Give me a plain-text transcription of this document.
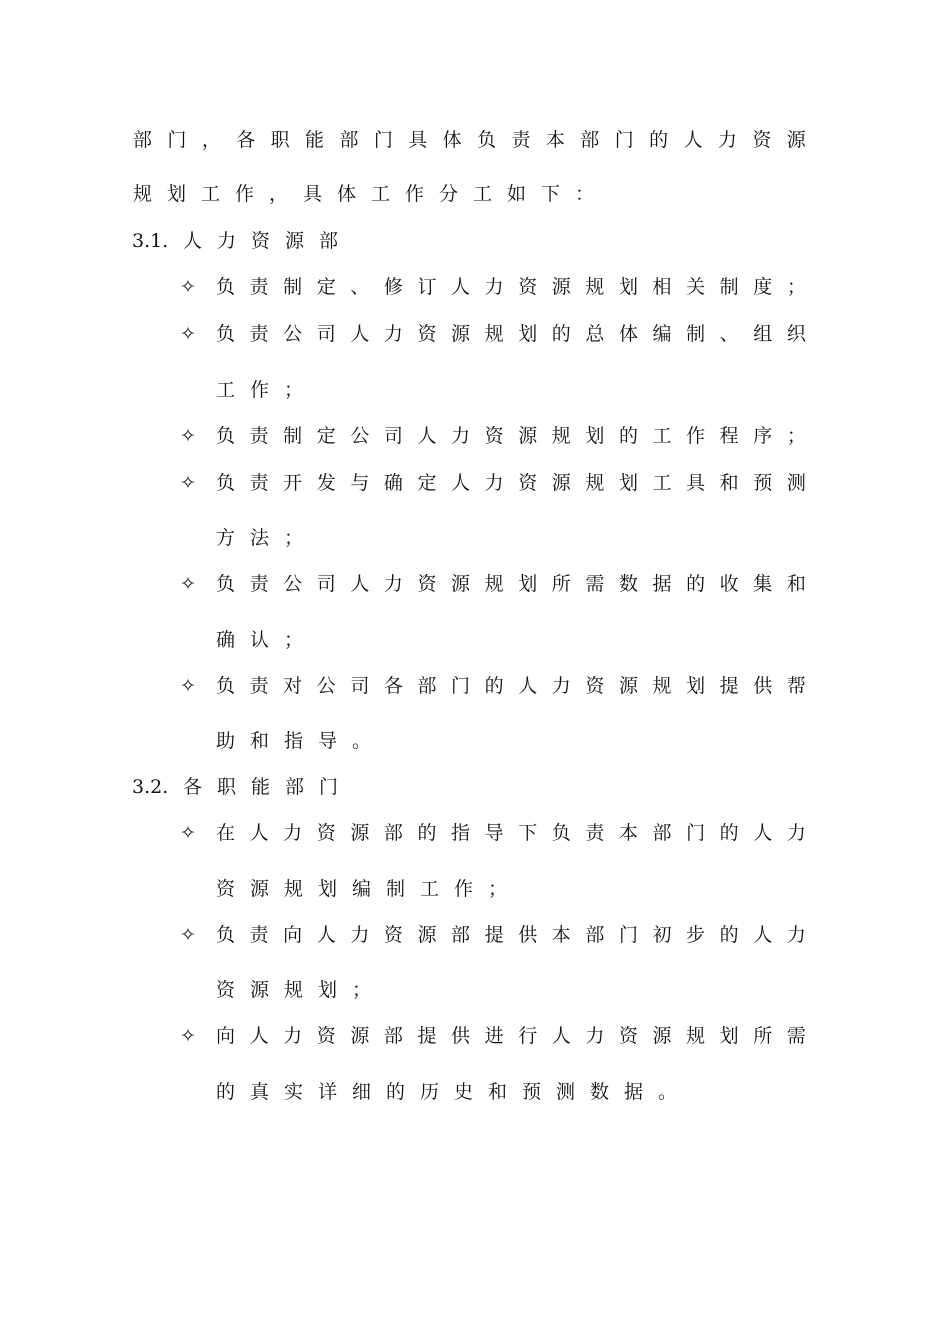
部 门 ， 各 职 能 部 门 具 体 负 责 本 部 门 的 人 力 资 源
规划工作，具体工作分工如下：
3.1. 人力资源部
✧ 负 责 制 定 、 修 订 人 力 资 源 规 划 相 关 制 度 ；
✧ 负 责 公 司 人 力 资 源 规 划 的 总 体 编 制 、 组 织
工作；
✧ 负 责 制 定 公 司 人 力 资 源 规 划 的 工 作 程 序 ；
✧ 负 责 开 发 与 确 定 人 力 资 源 规 划 工 具 和 预 测
方法；
✧ 负 责 公 司 人 力 资 源 规 划 所 需 数 据 的 收 集 和
确认；
✧ 负 责 对 公 司 各 部 门 的 人 力 资 源 规 划 提 供 帮
助和指导。
3.2. 各职能部门
✧ 在 人 力 资 源 部 的 指 导 下 负 责 本 部 门 的 人 力
资源规划编制工作；
✧ 负 责 向 人 力 资 源 部 提 供 本 部 门 初 步 的 人 力
资源规划；
✧ 向 人 力 资 源 部 提 供 进 行 人 力 资 源 规 划 所 需
的真实详细的历史和预测数据。
